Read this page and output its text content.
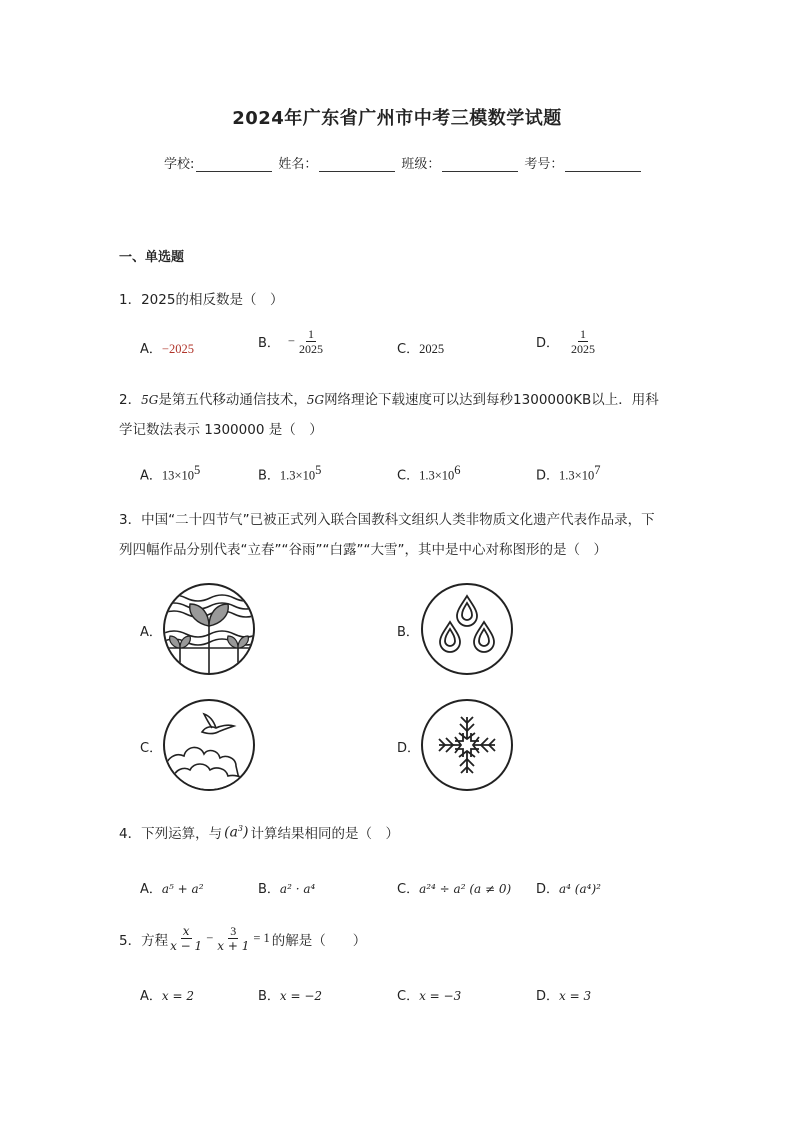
2024年广东省广州市中考三模数学试题
学校:	姓名：	班级：	考号：
一、单选题
1．2025的相反数是（　）
A．−2025	B． − $\frac{1}{2025}$	C．2025	D． $\frac{1}{2025}$
2．5G是第五代移动通信技术，5G网络理论下载速度可以达到每秒1300000KB以上．用科
学记数法表示 1300000 是（　）
A．$13\times 10^5$	B．$1.3\times 10^5$	C．$1.3\times 10^6$	D．$1.3\times 10^7$
3．中国“二十四节气”已被正式列入联合国教科文组织人类非物质文化遗产代表作品录，下
列四幅作品分别代表“立春”“谷雨”“白露”“大雪”，其中是中心对称图形的是（　）
A．	B．
C．	D．
4．下列运算，与 $(a^3)$ 计算结果相同的是（　）
A．a⁵ + a²	B．a² · a⁴	C．a²⁴ ÷ a² (a ≠ 0) D．a⁴ (a⁴)²
5．方程 $\frac{x}{x - 1} - \frac{3}{x + 1} = 1$ 的解是（　　）
A．x = 2	B．x = −2	C．x = −3	D．x = 3
